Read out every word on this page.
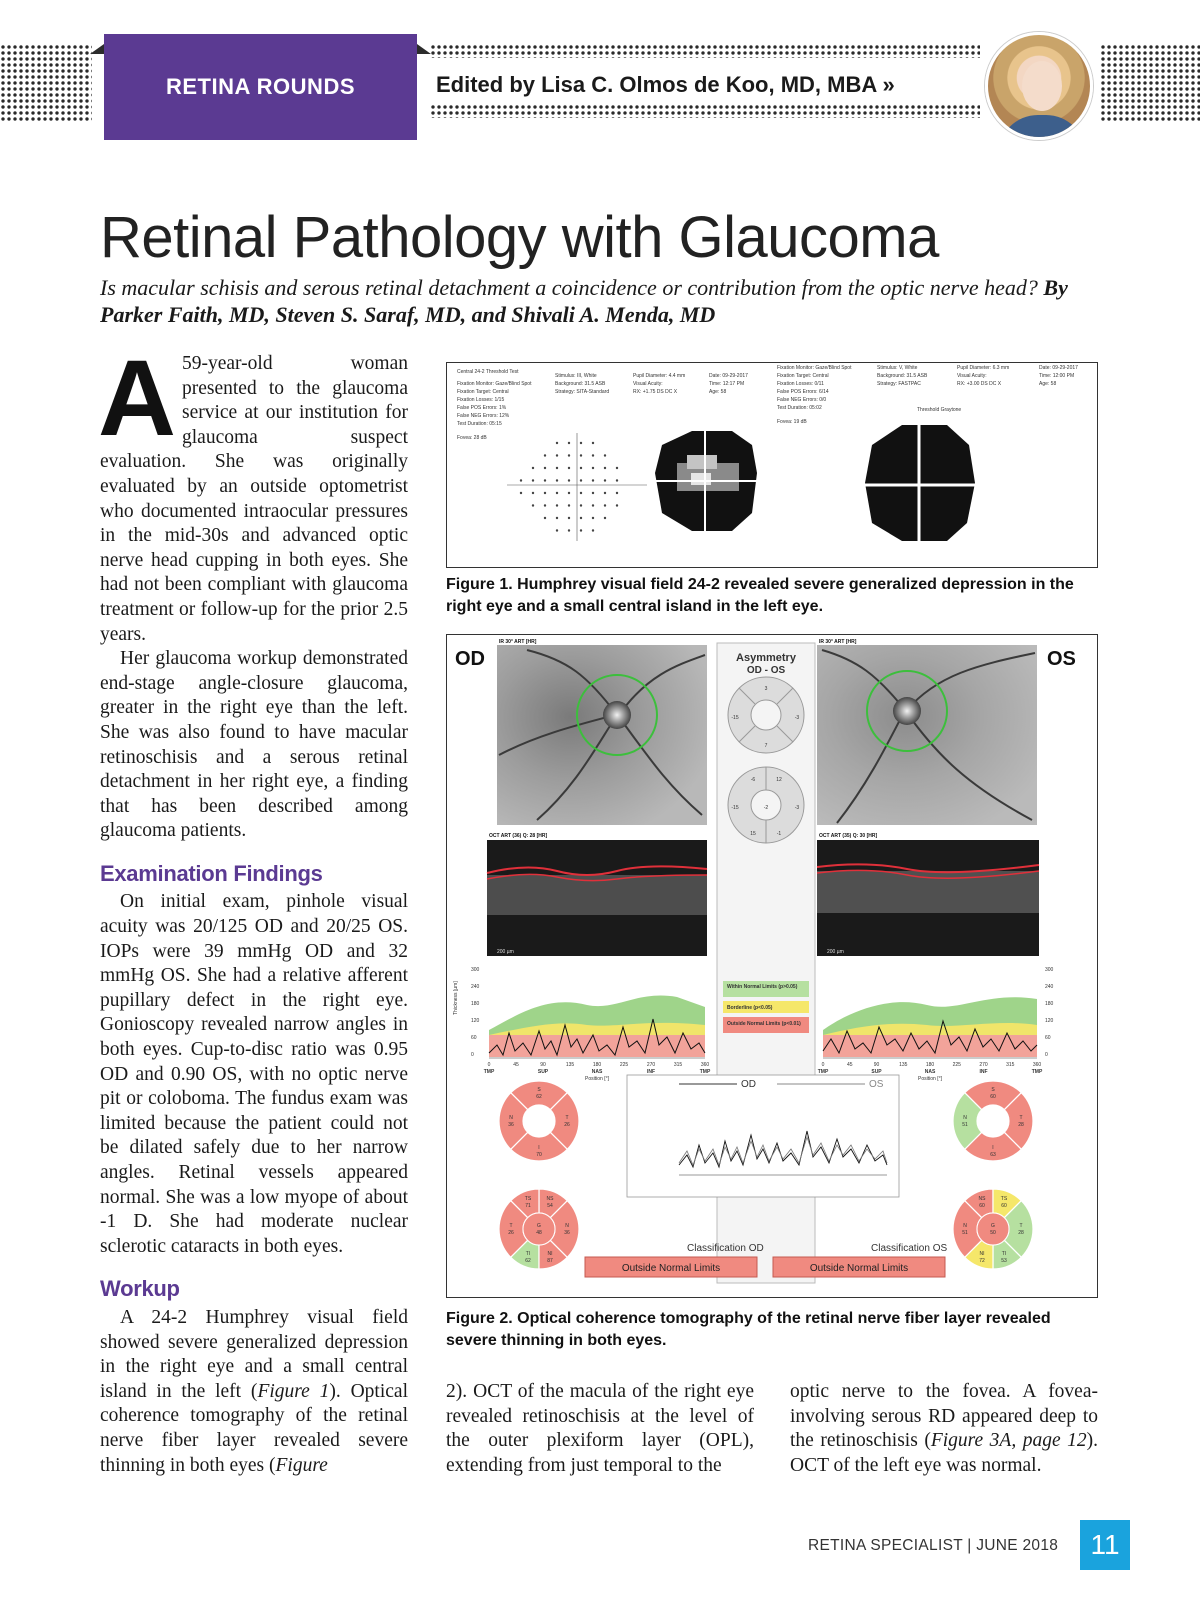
RETINA ROUNDS	Edited by Lisa C. Olmos de Koo, MD, MBA »
Retinal Pathology with Glaucoma
Is macular schisis and serous retinal detachment a coincidence or contribution from the optic nerve head? By Parker Faith, MD, Steven S. Saraf, MD, and Shivali A. Menda, MD

A 59-year-old woman presented to the glaucoma service at our institution for glaucoma suspect evaluation. She was originally evaluated by an outside optometrist who documented intraocular pressures in the mid-30s and advanced optic nerve head cupping in both eyes. She had not been compliant with glaucoma treatment or follow-up for the prior 2.5 years.

Her glaucoma workup demonstrated end-stage angle-closure glaucoma, greater in the right eye than the left. She was also found to have macular retinoschisis and a serous retinal detachment in her right eye, a finding that has been described among glaucoma patients.

Examination Findings

On initial exam, pinhole visual acuity was 20/125 OD and 20/25 OS. IOPs were 39 mmHg OD and 32 mmHg OS. She had a relative afferent pupillary defect in the right eye. Gonioscopy revealed narrow angles in both eyes. Cup-to-disc ratio was 0.95 OD and 0.90 OS, with no optic nerve pit or coloboma. The fundus exam was limited because the patient could not be dilated safely due to her narrow angles. Retinal vessels appeared normal. She was a low myope of about -1 D. She had moderate nuclear sclerotic cataracts in both eyes.

Workup

A 24-2 Humphrey visual field showed severe generalized depression in the right eye and a small central island in the left (Figure 1). Optical coherence tomography of the retinal nerve fiber layer revealed severe thinning in both eyes (Figure

Central 24-2 Threshold Test
Fixation Monitor: Gaze/Blind Spot
Fixation Target: Central
Fixation Losses: 1/15
False POS Errors: 1%
False NEG Errors: 12%
Test Duration: 05:15
Fovea: 28 dB
Stimulus: III, White
Background: 31.5 ASB
Strategy: SITA-Standard
Pupil Diameter: 4.4 mm
Visual Acuity:
RX: +1.75 DS DC X
Date: 09-29-2017
Time: 12:17 PM
Age: 58
Fixation Monitor: Gaze/Blind Spot
Fixation Target: Central
Fixation Losses: 0/11
False POS Errors: 6/14
False NEG Errors: 0/0
Test Duration: 05:02
Fovea: 19 dB
Stimulus: V, White
Background: 31.5 ASB
Strategy: FASTPAC
Pupil Diameter: 6.3 mm
Visual Acuity:
RX: +3.00 DS DC X
Date: 09-29-2017
Time: 12:00 PM
Age: 58
Threshold Graytone
Figure 1. Humphrey visual field 24-2 revealed severe generalized depression in the right eye and a small central island in the left eye.
OD	OS
IR 30° ART [HR]	IR 30° ART [HR]
Asymmetry
OD - OS
3
-15	-3
7
-6	12
-15	-2	-3
15	-1
OCT ART (36) Q: 28 [HR]
200 µm
OCT ART (35) Q: 30 [HR]
200 µm
Within Normal Limits (p>0.05)
Borderline (p<0.05)
Outside Normal Limits (p<0.01)
300	300
240	240
180	180
120	120
60	60
0	0
Thickness [µm]
0	45	90	135	180	225	270	315	360
TMP	SUP	NAS	INF	TMP
Position [°]
0	45	90	135	180	225	270	315	360
TMP	SUP	NAS	INF	TMP
Position [°]
S
62
T
26
I
70
N
36
TS
71
NS
54
T
26
G
48
N
36
TI
62
NI
87
S
60
T
28
I
63
N
51
NS
60
TS
60
N
51
G
50
T
28
NI
72
TI
53
OD	OS
Classification OD
Outside Normal Limits
Classification OS
Outside Normal Limits
Figure 2. Optical coherence tomography of the retinal nerve fiber layer revealed severe thinning in both eyes.

2). OCT of the macula of the right eye revealed retinoschisis at the level of the outer plexiform layer (OPL), extending from just temporal to the

optic nerve to the fovea. A fovea-involving serous RD appeared deep to the retinoschisis (Figure 3A, page 12). OCT of the left eye was normal.

RETINA SPECIALIST | JUNE 2018	11
